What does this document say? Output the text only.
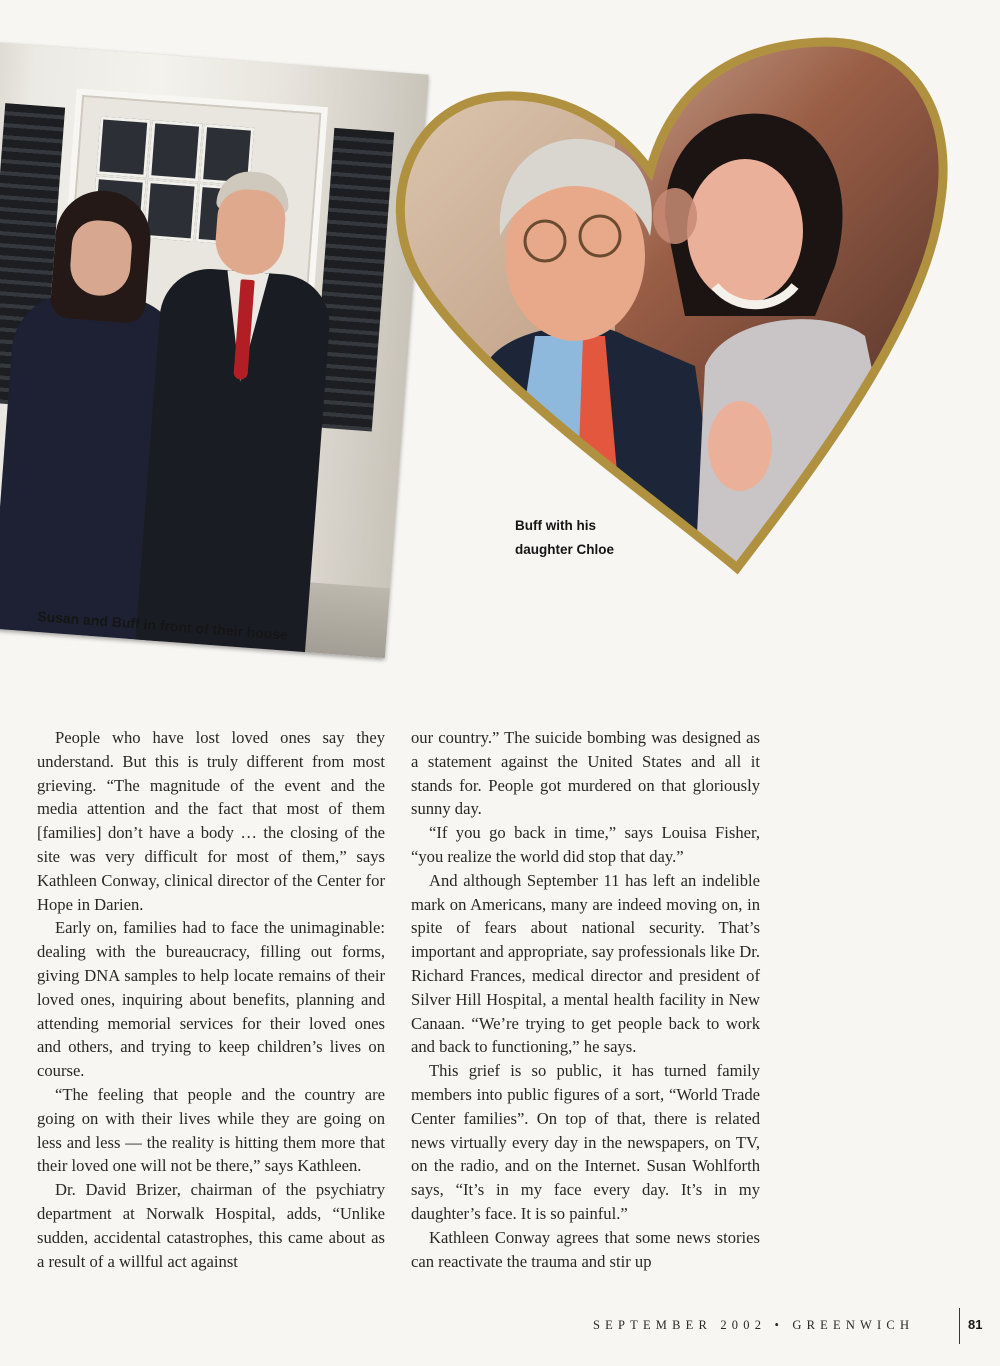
Susan and Buff in front of their house

Buff with his
daughter Chloe

People who have lost loved ones say they understand. But this is truly different from most grieving. “The magnitude of the event and the media attention and the fact that most of them [families] don’t have a body … the closing of the site was very difficult for most of them,” says Kathleen Conway, clinical director of the Center for Hope in Darien.

Early on, families had to face the unimaginable: dealing with the bureaucracy, filling out forms, giving DNA samples to help locate remains of their loved ones, inquiring about benefits, planning and attending memorial services for their loved ones and others, and trying to keep children’s lives on course.

“The feeling that people and the country are going on with their lives while they are going on less and less — the reality is hitting them more that their loved one will not be there,” says Kathleen.

Dr. David Brizer, chairman of the psychiatry department at Norwalk Hospital, adds, “Unlike sudden, accidental catastrophes, this came about as a result of a willful act against

our country.” The suicide bombing was designed as a statement against the United States and all it stands for. People got murdered on that gloriously sunny day.

“If you go back in time,” says Louisa Fisher, “you realize the world did stop that day.”

And although September 11 has left an indelible mark on Americans, many are indeed moving on, in spite of fears about national security. That’s important and appropriate, say professionals like Dr. Richard Frances, medical director and president of Silver Hill Hospital, a mental health facility in New Canaan. “We’re trying to get people back to work and back to functioning,” he says.

This grief is so public, it has turned family members into public figures of a sort, “World Trade Center families”. On top of that, there is related news virtually every day in the newspapers, on TV, on the radio, and on the Internet. Susan Wohlforth says, “It’s in my face every day. It’s in my daughter’s face. It is so painful.”

Kathleen Conway agrees that some news stories can reactivate the trauma and stir up

SEPTEMBER 2002 • GREENWICH	81
